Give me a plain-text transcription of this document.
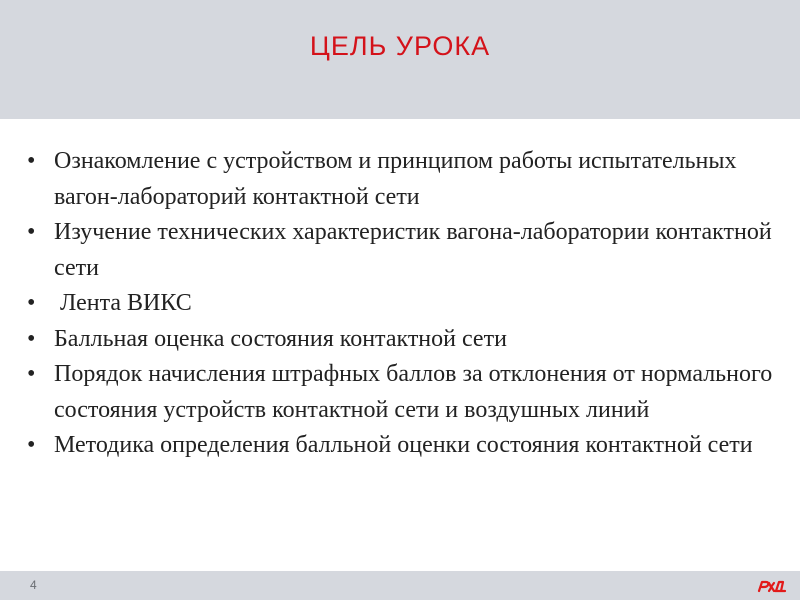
ЦЕЛЬ УРОКА
• Ознакомление с устройством и принципом работы испытательных вагон-лабораторий контактной сети
• Изучение технических характеристик вагона-лаборатории контактной сети
• Лента ВИКС
• Балльная оценка состояния контактной сети
• Порядок начисления штрафных баллов за отклонения от нормального состояния устройств контактной сети и воздушных линий
• Методика определения балльной оценки состояния контактной сети
4
